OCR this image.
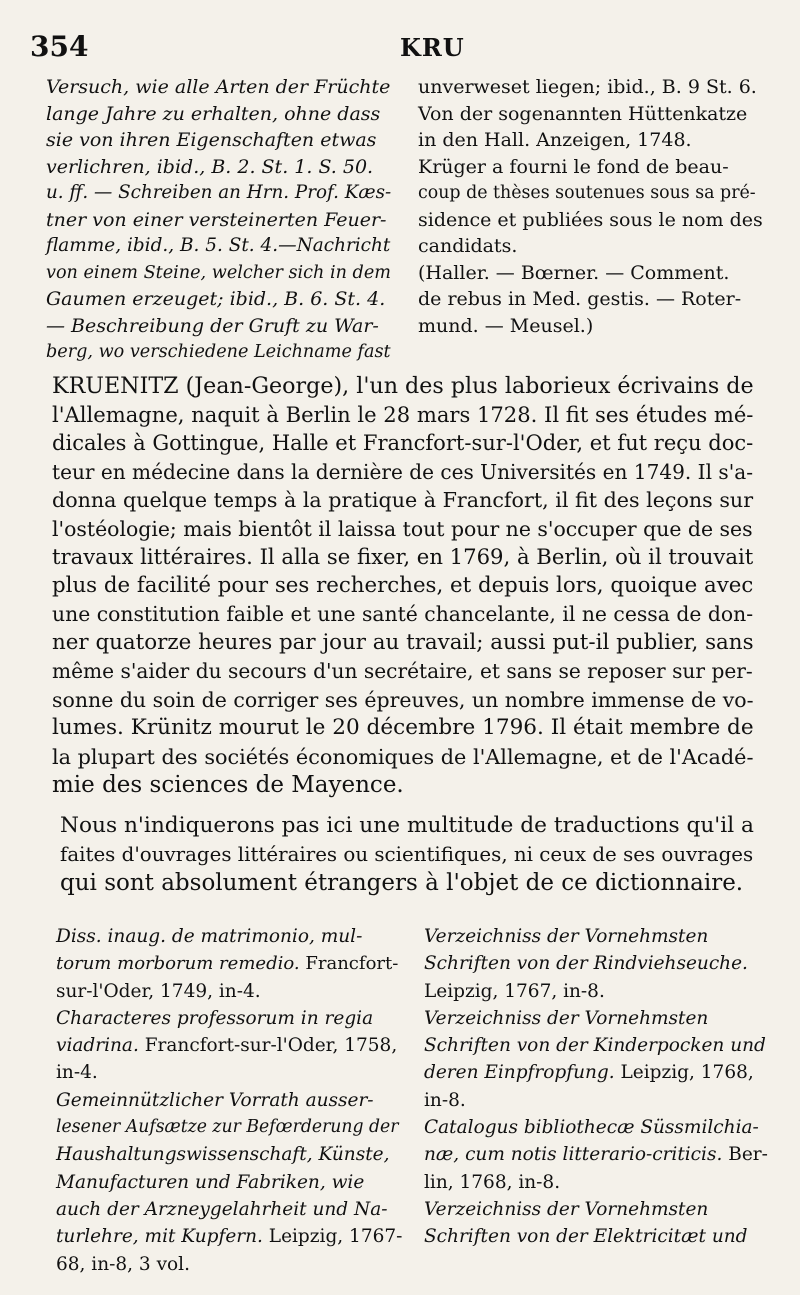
354	KRU
Versuch, wie alle Arten der Früchte
lange Jahre zu erhalten, ohne dass
sie von ihren Eigenschaften etwas
verlichren, ibid., B. 2. St. 1. S. 50.
u. ff. — Schreiben an Hrn. Prof. Kæs-
tner von einer versteinerten Feuer-
flamme, ibid., B. 5. St. 4.—Nachricht
von einem Steine, welcher sich in dem
Gaumen erzeuget; ibid., B. 6. St. 4.
— Beschreibung der Gruft zu War-
berg, wo verschiedene Leichname fast
unverweset liegen; ibid., B. 9 St. 6.
Von der sogenannten Hüttenkatze
in den Hall. Anzeigen, 1748.
Krüger a fourni le fond de beau-
coup de thèses soutenues sous sa pré-
sidence et publiées sous le nom des
candidats.
(Haller. — Bœrner. — Comment.
de rebus in Med. gestis. — Roter-
mund. — Meusel.)
KRUENITZ (Jean-George), l'un des plus laborieux écrivains de
l'Allemagne, naquit à Berlin le 28 mars 1728. Il fit ses études mé-
dicales à Gottingue, Halle et Francfort-sur-l'Oder, et fut reçu doc-
teur en médecine dans la dernière de ces Universités en 1749. Il s'a-
donna quelque temps à la pratique à Francfort, il fit des leçons sur
l'ostéologie; mais bientôt il laissa tout pour ne s'occuper que de ses
travaux littéraires. Il alla se fixer, en 1769, à Berlin, où il trouvait
plus de facilité pour ses recherches, et depuis lors, quoique avec
une constitution faible et une santé chancelante, il ne cessa de don-
ner quatorze heures par jour au travail; aussi put-il publier, sans
même s'aider du secours d'un secrétaire, et sans se reposer sur per-
sonne du soin de corriger ses épreuves, un nombre immense de vo-
lumes. Krünitz mourut le 20 décembre 1796. Il était membre de
la plupart des sociétés économiques de l'Allemagne, et de l'Acadé-
mie des sciences de Mayence.
Nous n'indiquerons pas ici une multitude de traductions qu'il a
faites d'ouvrages littéraires ou scientifiques, ni ceux de ses ouvrages
qui sont absolument étrangers à l'objet de ce dictionnaire.
Diss. inaug. de matrimonio, mul-
torum morborum remedio. Francfort-
sur-l'Oder, 1749, in-4.
Characteres professorum in regia
viadrina. Francfort-sur-l'Oder, 1758,
in-4.
Gemeinnützlicher Vorrath ausser-
lesener Aufsætze zur Befœrderung der
Haushaltungswissenschaft, Künste,
Manufacturen und Fabriken, wie
auch der Arzneygelahrheit und Na-
turlehre, mit Kupfern. Leipzig, 1767-
68, in-8, 3 vol.
Verzeichniss der Vornehmsten
Schriften von der Rindviehseuche.
Leipzig, 1767, in-8.
Verzeichniss der Vornehmsten
Schriften von der Kinderpocken und
deren Einpfropfung. Leipzig, 1768,
in-8.
Catalogus bibliothecæ Süssmilchia-
næ, cum notis litterario-criticis. Ber-
lin, 1768, in-8.
Verzeichniss der Vornehmsten
Schriften von der Elektricitæt und
